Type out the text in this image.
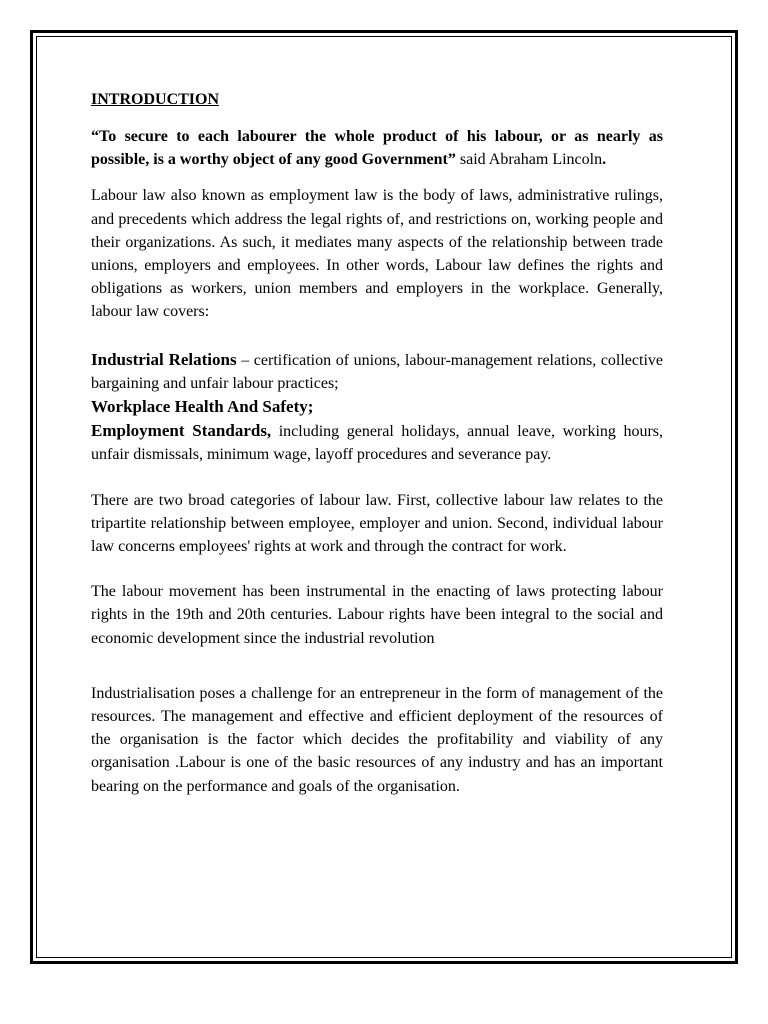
INTRODUCTION
“To secure to each labourer the whole product of his labour, or as nearly as possible, is a worthy object of any good Government” said Abraham Lincoln.

Labour law also known as employment law is the body of laws, administrative rulings, and precedents which address the legal rights of, and restrictions on, working people and their organizations. As such, it mediates many aspects of the relationship between trade unions, employers and employees. In other words, Labour law defines the rights and obligations as workers, union members and employers in the workplace. Generally, labour law covers:

Industrial Relations – certification of unions, labour-management relations, collective bargaining and unfair labour practices;

Workplace Health And Safety;

Employment Standards, including general holidays, annual leave, working hours, unfair dismissals, minimum wage, layoff procedures and severance pay.

There are two broad categories of labour law. First, collective labour law relates to the tripartite relationship between employee, employer and union. Second, individual labour law concerns employees' rights at work and through the contract for work.

The labour movement has been instrumental in the enacting of laws protecting labour rights in the 19th and 20th centuries. Labour rights have been integral to the social and economic development since the industrial revolution

Industrialisation poses a challenge for an entrepreneur in the form of management of the resources. The management and effective and efficient deployment of the resources of the organisation is the factor which decides the profitability and viability of any organisation .Labour is one of the basic resources of any industry and has an important bearing on the performance and goals of the organisation.
